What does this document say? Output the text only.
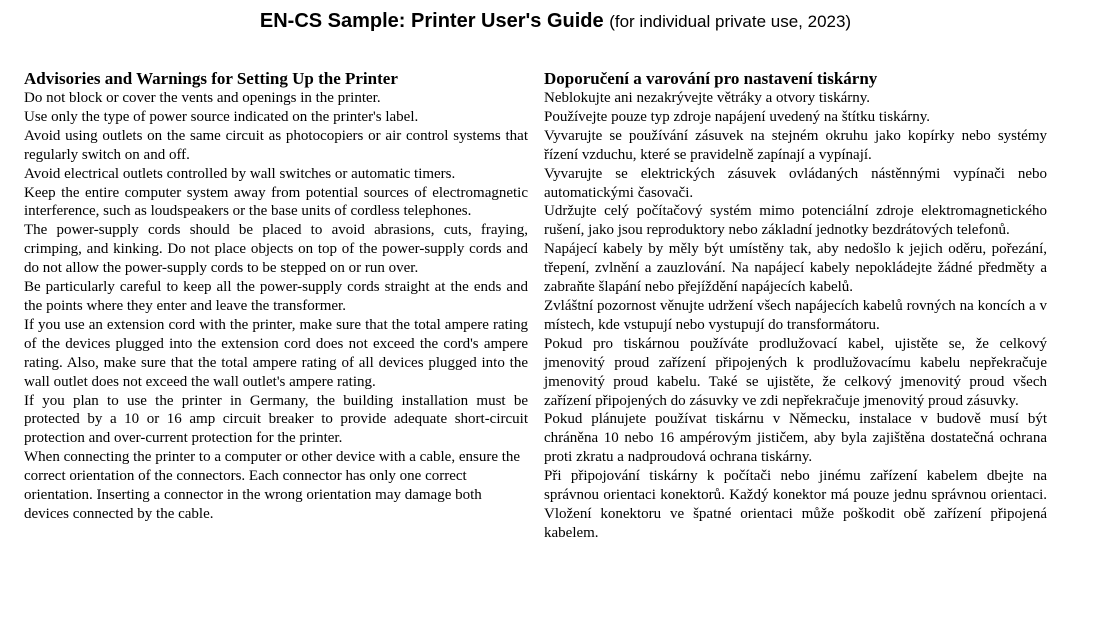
EN-CS Sample: Printer User's Guide (for individual private use, 2023)
Advisories and Warnings for Setting Up the Printer

Do not block or cover the vents and openings in the printer.

Use only the type of power source indicated on the printer's label.

Avoid using outlets on the same circuit as photocopiers or air control systems that regularly switch on and off.

Avoid electrical outlets controlled by wall switches or automatic timers.

Keep the entire computer system away from potential sources of electromagnetic interference, such as loudspeakers or the base units of cordless telephones.

The power-supply cords should be placed to avoid abrasions, cuts, fraying, crimping, and kinking. Do not place objects on top of the power-supply cords and do not allow the power-supply cords to be stepped on or run over.

Be particularly careful to keep all the power-supply cords straight at the ends and the points where they enter and leave the transformer.

If you use an extension cord with the printer, make sure that the total ampere rating of the devices plugged into the extension cord does not exceed the cord's ampere rating. Also, make sure that the total ampere rating of all devices plugged into the wall outlet does not exceed the wall outlet's ampere rating.

If you plan to use the printer in Germany, the building installation must be protected by a 10 or 16 amp circuit breaker to provide adequate short-circuit protection and over-current protection for the printer.

When connecting the printer to a computer or other device with a cable, ensure the correct orientation of the connectors. Each connector has only one correct orientation. Inserting a connector in the wrong orientation may damage both devices connected by the cable.

Doporučení a varování pro nastavení tiskárny

Neblokujte ani nezakrývejte větráky a otvory tiskárny.

Používejte pouze typ zdroje napájení uvedený na štítku tiskárny.

Vyvarujte se používání zásuvek na stejném okruhu jako kopírky nebo systémy řízení vzduchu, které se pravidelně zapínají a vypínají.

Vyvarujte se elektrických zásuvek ovládaných nástěnnými vypínači nebo automatickými časovači.

Udržujte celý počítačový systém mimo potenciální zdroje elektromagnetického rušení, jako jsou reproduktory nebo základní jednotky bezdrátových telefonů.

Napájecí kabely by měly být umístěny tak, aby nedošlo k jejich oděru, pořezání, třepení, zvlnění a zauzlování. Na napájecí kabely nepokládejte žádné předměty a zabraňte šlapání nebo přejíždění napájecích kabelů.

Zvláštní pozornost věnujte udržení všech napájecích kabelů rovných na koncích a v místech, kde vstupují nebo vystupují do transformátoru.

Pokud pro tiskárnou používáte prodlužovací kabel, ujistěte se, že celkový jmenovitý proud zařízení připojených k prodlužovacímu kabelu nepřekračuje jmenovitý proud kabelu. Také se ujistěte, že celkový jmenovitý proud všech zařízení připojených do zásuvky ve zdi nepřekračuje jmenovitý proud zásuvky.

Pokud plánujete používat tiskárnu v Německu, instalace v budově musí být chráněna 10 nebo 16 ampérovým jističem, aby byla zajištěna dostatečná ochrana proti zkratu a nadproudová ochrana tiskárny.

Při připojování tiskárny k počítači nebo jinému zařízení kabelem dbejte na správnou orientaci konektorů. Každý konektor má pouze jednu správnou orientaci. Vložení konektoru ve špatné orientaci může poškodit obě zařízení připojená kabelem.
